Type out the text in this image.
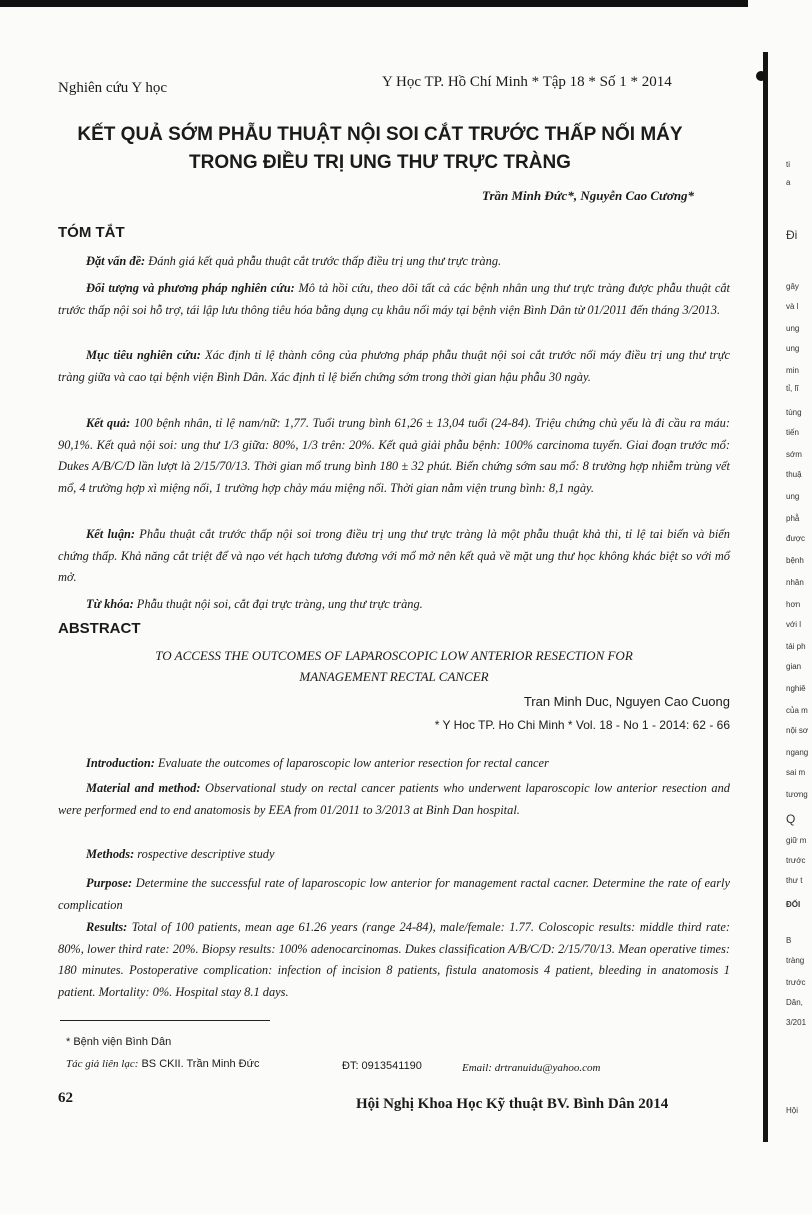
ti
a
Đi
gây
và l
ung
ung
min
tỉ, lĩ
tùng
tiến
sớm
thuậ
ung
phẫ
được
bệnh
nhân
hơn
với l
tái ph
gian
nghiê
của m
nội sơ
ngang
sai m
tương
Q
giữ m
trước
thư t
ĐỐI
B
tràng
trước
Dân,
3/201
Hội
Nghiên cứu Y học	Y Học TP. Hồ Chí Minh * Tập 18 * Số 1 * 2014
KẾT QUẢ SỚM PHẪU THUẬT NỘI SOI CẮT TRƯỚC THẤP NỐI MÁY
TRONG ĐIỀU TRỊ UNG THƯ TRỰC TRÀNG
Trần Minh Đức*, Nguyễn Cao Cương*
TÓM TẮT
Đặt vấn đề: Đánh giá kết quả phẫu thuật cắt trước thấp điều trị ung thư trực tràng.
Đối tượng và phương pháp nghiên cứu: Mô tả hồi cứu, theo dõi tất cả các bệnh nhân ung thư trực tràng được phẫu thuật cắt trước thấp nội soi hỗ trợ, tái lập lưu thông tiêu hóa bằng dụng cụ khâu nối máy tại bệnh viện Bình Dân từ 01/2011 đến tháng 3/2013.
Mục tiêu nghiên cứu: Xác định tỉ lệ thành công của phương pháp phẫu thuật nội soi cắt trước nối máy điều trị ung thư trực tràng giữa và cao tại bệnh viện Bình Dân. Xác định tỉ lệ biến chứng sớm trong thời gian hậu phẫu 30 ngày.
Kết quả: 100 bệnh nhân, tỉ lệ nam/nữ: 1,77. Tuổi trung bình 61,26 ± 13,04 tuổi (24-84). Triệu chứng chủ yếu là đi cầu ra máu: 90,1%. Kết quả nội soi: ung thư 1/3 giữa: 80%, 1/3 trên: 20%. Kết quả giải phẫu bệnh: 100% carcinoma tuyến. Giai đoạn trước mổ: Dukes A/B/C/D lần lượt là 2/15/70/13. Thời gian mổ trung bình 180 ± 32 phút. Biến chứng sớm sau mổ: 8 trường hợp nhiễm trùng vết mổ, 4 trường hợp xì miệng nối, 1 trường hợp chảy máu miệng nối. Thời gian nằm viện trung bình: 8,1 ngày.
Kết luận: Phẫu thuật cắt trước thấp nội soi trong điều trị ung thư trực tràng là một phẫu thuật khả thi, tỉ lệ tai biến và biến chứng thấp. Khả năng cắt triệt để và nạo vét hạch tương đương với mổ mở nên kết quả về mặt ung thư học không khác biệt so với mổ mở.
Từ khóa: Phẫu thuật nội soi, cắt đại trực tràng, ung thư trực tràng.
ABSTRACT
TO ACCESS THE OUTCOMES OF LAPAROSCOPIC LOW ANTERIOR RESECTION FOR
MANAGEMENT RECTAL CANCER
Tran Minh Duc, Nguyen Cao Cuong
* Y Hoc TP. Ho Chi Minh * Vol. 18 - No 1 - 2014: 62 - 66
Introduction: Evaluate the outcomes of laparoscopic low anterior resection for rectal cancer
Material and method: Observational study on rectal cancer patients who underwent laparoscopic low anterior resection and were performed end to end anatomosis by EEA from 01/2011 to 3/2013 at Binh Dan hospital.
Methods: rospective descriptive study
Purpose: Determine the successful rate of laparoscopic low anterior for management ractal cacner. Determine the rate of early complication
Results: Total of 100 patients, mean age 61.26 years (range 24-84), male/female: 1.77. Coloscopic results: middle third rate: 80%, lower third rate: 20%. Biopsy results: 100% adenocarcinomas. Dukes classification A/B/C/D: 2/15/70/13. Mean operative times: 180 minutes. Postoperative complication: infection of incision 8 patients, fistula anatomosis 4 patient, bleeding in anatomosis 1 patient. Mortality: 0%. Hospital stay 8.1 days.
* Bệnh viện Bình Dân
Tác giả liên lạc: BS CKII. Trần Minh Đức	ĐT: 0913541190	Email: drtranuidu@yahoo.com
62	Hội Nghị Khoa Học Kỹ thuật BV. Bình Dân 2014
